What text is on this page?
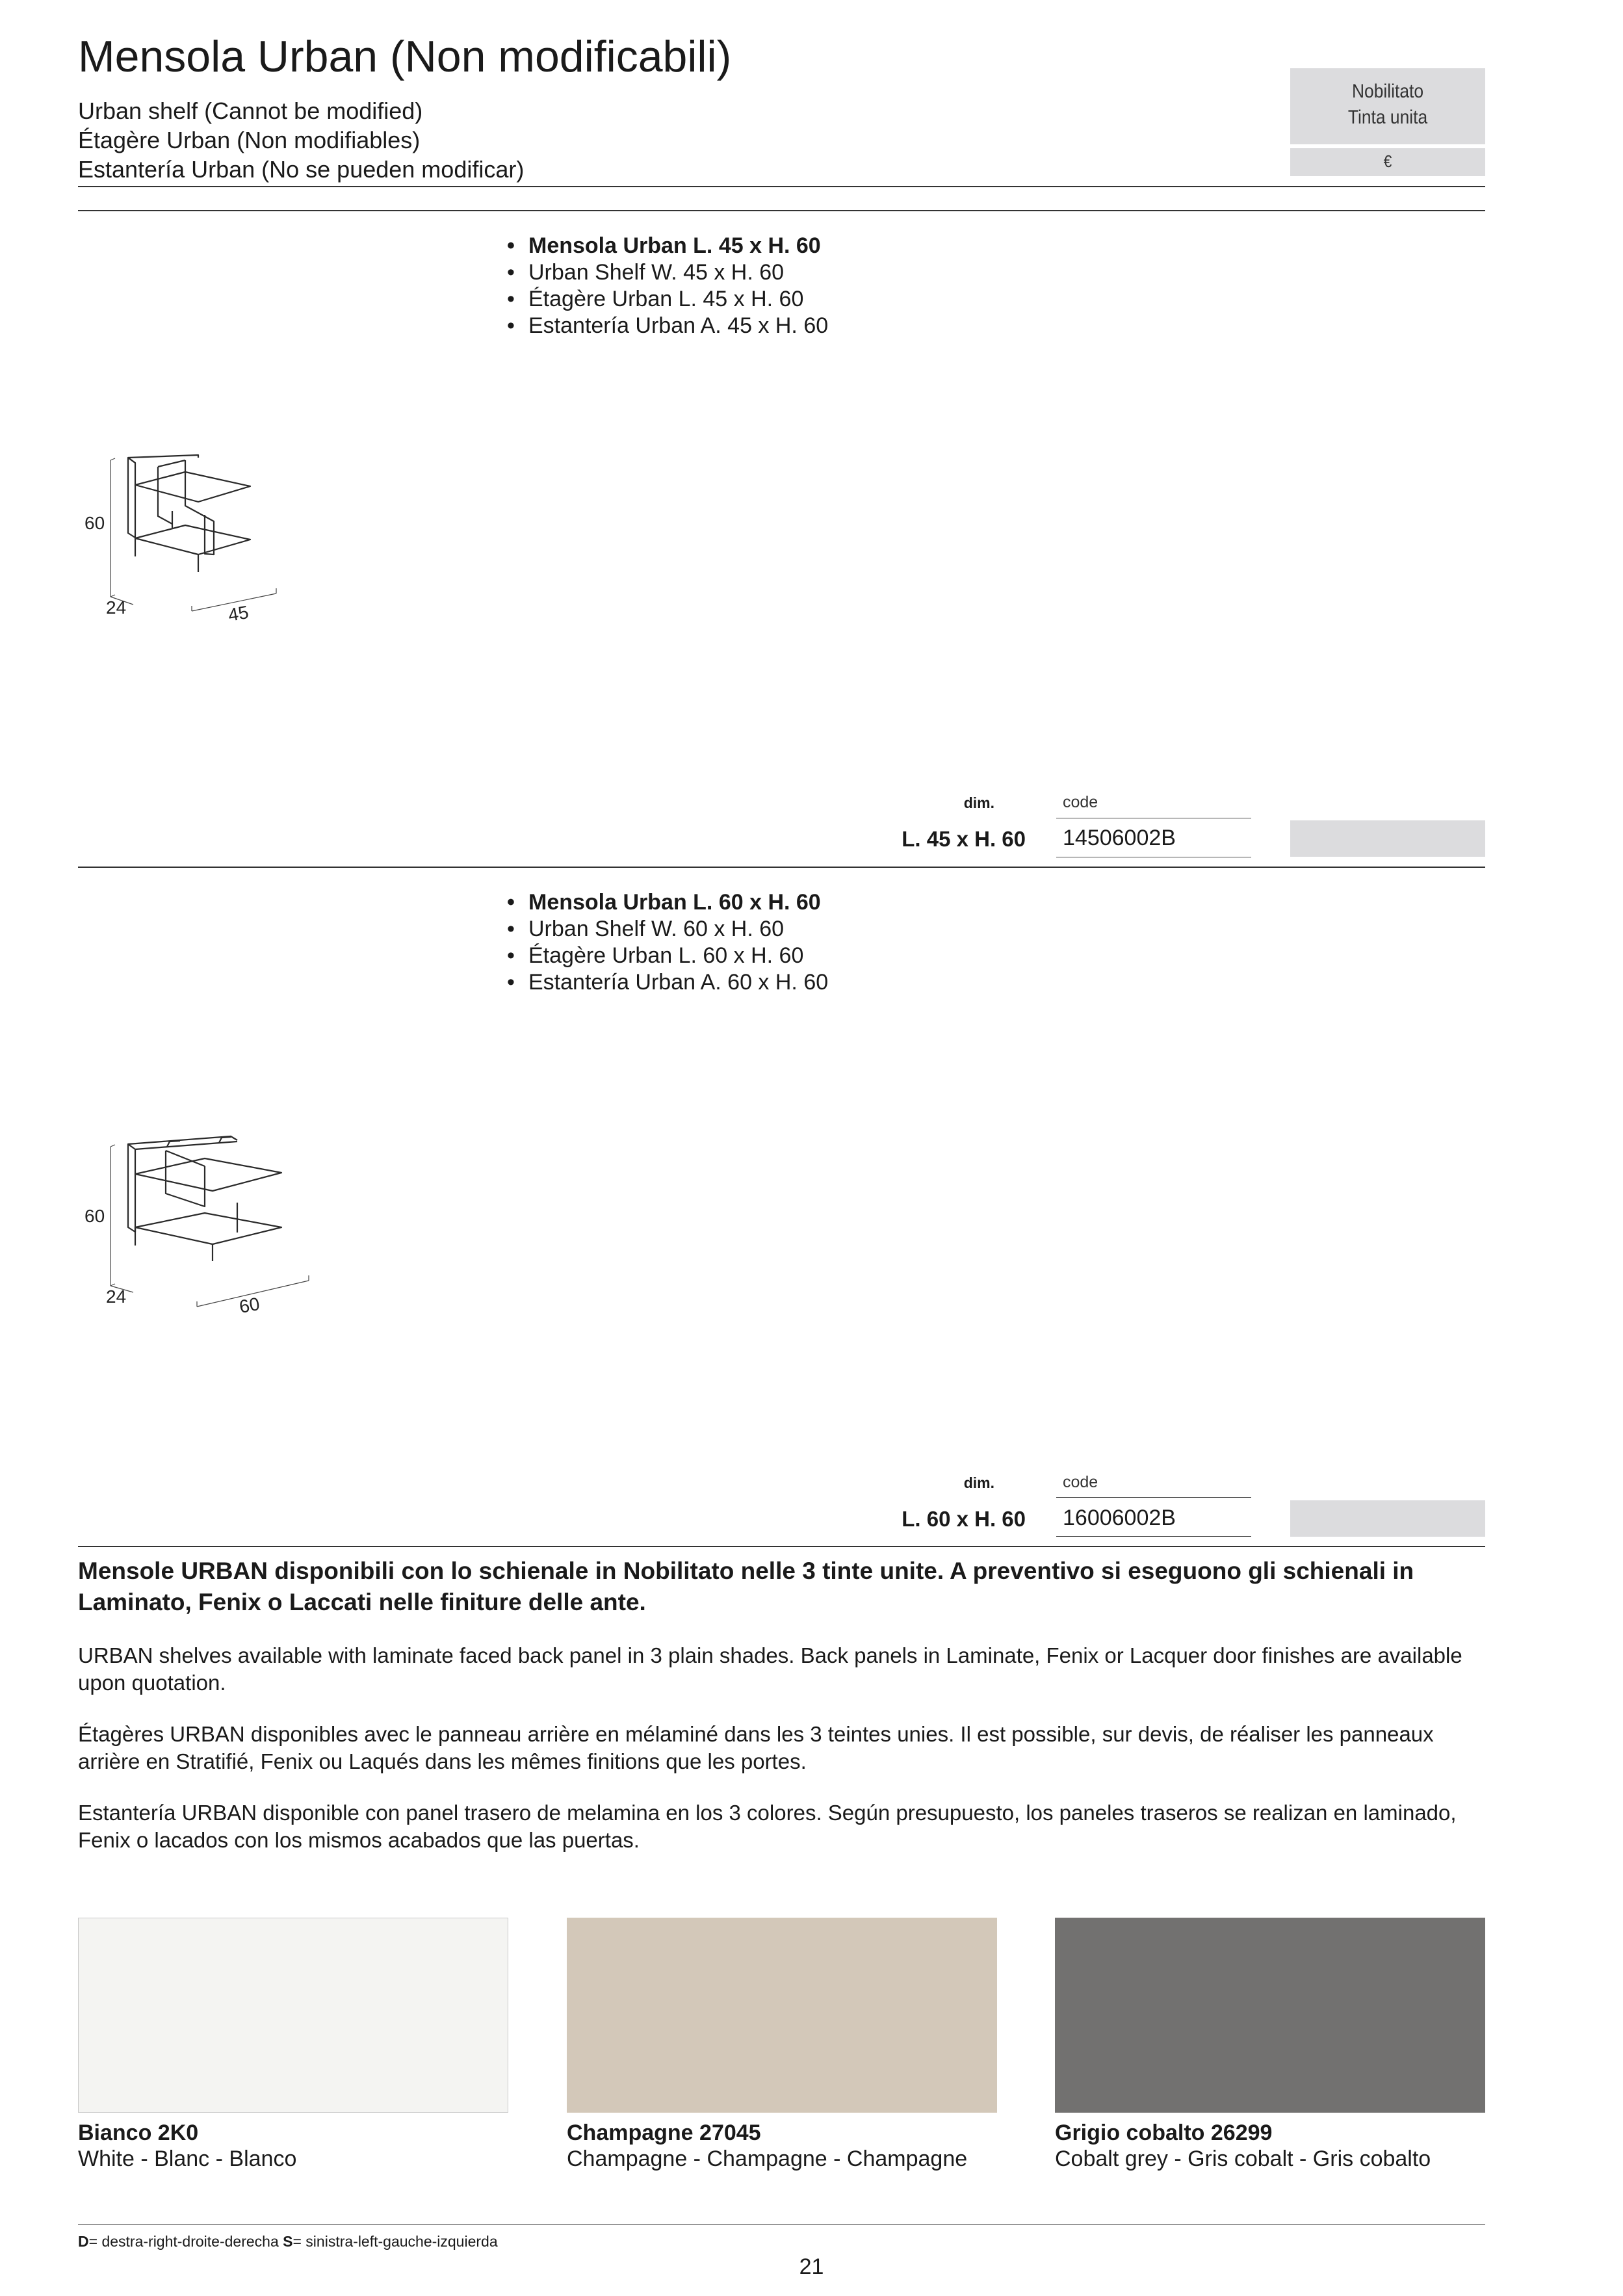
Mensola Urban (Non modificabili)
Urban shelf (Cannot be modified)
Étagère Urban (Non modifiables)
Estantería Urban (No se pueden modificar)
Nobilitato
Tinta unita
€
• Mensola Urban L. 45 x H. 60
• Urban Shelf W. 45 x H. 60
• Étagère Urban L. 45 x H. 60
• Estantería Urban A. 45 x H. 60
60
24	45
dim.	code
L. 45 x H. 60 14506002B
• Mensola Urban L. 60 x H. 60
• Urban Shelf W. 60 x H. 60
• Étagère Urban L. 60 x H. 60
• Estantería Urban A. 60 x H. 60
60
24	60
dim.	code
L. 60 x H. 60 16006002B
Mensole URBAN disponibili con lo schienale in Nobilitato nelle 3 tinte unite. A preventivo si eseguono gli schienali in Laminato, Fenix o Laccati nelle finiture delle ante.
URBAN shelves available with laminate faced back panel in 3 plain shades. Back panels in Laminate, Fenix or Lacquer door finishes are available upon quotation.
Étagères URBAN disponibles avec le panneau arrière en mélaminé dans les 3 teintes unies. Il est possible, sur devis, de réaliser les panneaux arrière en Stratifié, Fenix ou Laqués dans les mêmes finitions que les portes.
Estantería URBAN disponible con panel trasero de melamina en los 3 colores. Según presupuesto, los paneles traseros se realizan en laminado, Fenix o lacados con los mismos acabados que las puertas.
Bianco 2K0
White - Blanc - Blanco
Champagne 27045
Champagne - Champagne - Champagne
Grigio cobalto 26299
Cobalt grey - Gris cobalt - Gris cobalto
D= destra-right-droite-derecha S= sinistra-left-gauche-izquierda
21
